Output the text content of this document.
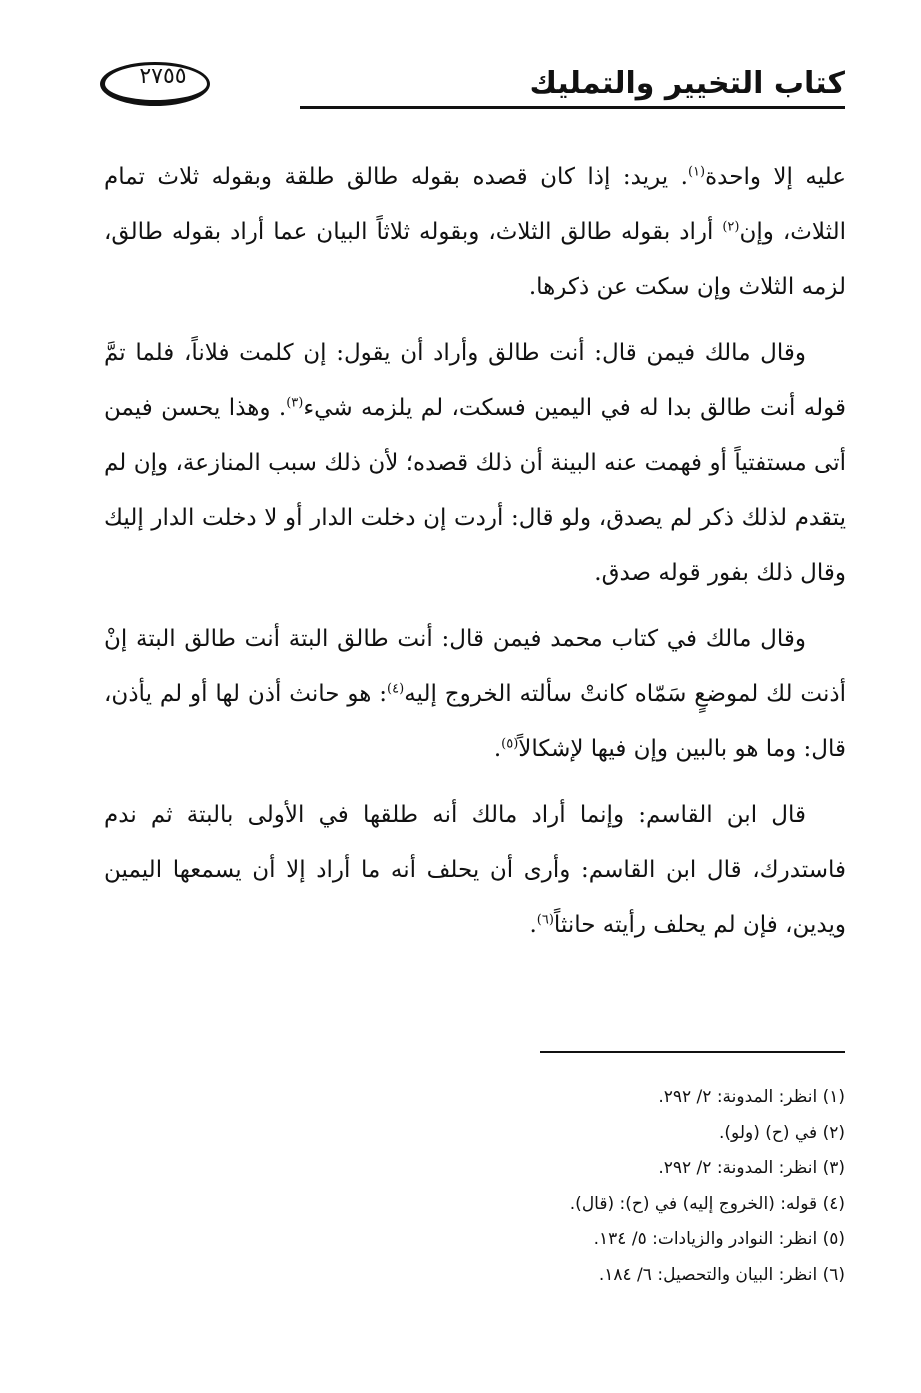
٢٧٥٥	كتاب التخيير والتمليك

عليه إلا واحدة$^{(١)}$. يريد: إذا كان قصده بقوله طالق طلقة وبقوله ثلاث تمام الثلاث، وإن$^{(٢)}$ أراد بقوله طالق الثلاث، وبقوله ثلاثاً البيان عما أراد بقوله طالق، لزمه الثلاث وإن سكت عن ذكرها.

وقال مالك فيمن قال: أنت طالق وأراد أن يقول: إن كلمت فلاناً، فلما تمَّ قوله أنت طالق بدا له في اليمين فسكت، لم يلزمه شيء$^{(٣)}$. وهذا يحسن فيمن أتى مستفتياً أو فهمت عنه البينة أن ذلك قصده؛ لأن ذلك سبب المنازعة، وإن لم يتقدم لذلك ذكر لم يصدق، ولو قال: أردت إن دخلت الدار أو لا دخلت الدار إليك وقال ذلك بفور قوله صدق.

وقال مالك في كتاب محمد فيمن قال: أنت طالق البتة أنت طالق البتة إنْ أذنت لك لموضعٍ سَمّاه كانتْ سألته الخروج إليه$^{(٤)}$: هو حانث أذن لها أو لم يأذن، قال: وما هو بالبين وإن فيها لإشكالاً$^{(٥)}$.

قال ابن القاسم: وإنما أراد مالك أنه طلقها في الأولى بالبتة ثم ندم فاستدرك، قال ابن القاسم: وأرى أن يحلف أنه ما أراد إلا أن يسمعها اليمين ويدين، فإن لم يحلف رأيته حانثاً$^{(٦)}$.

(١) انظر: المدونة: ٢/ ٢٩٢.
(٢) في (ح) (ولو).
(٣) انظر: المدونة: ٢/ ٢٩٢.
(٤) قوله: (الخروج إليه) في (ح): (قال).
(٥) انظر: النوادر والزيادات: ٥/ ١٣٤.
(٦) انظر: البيان والتحصيل: ٦/ ١٨٤.
